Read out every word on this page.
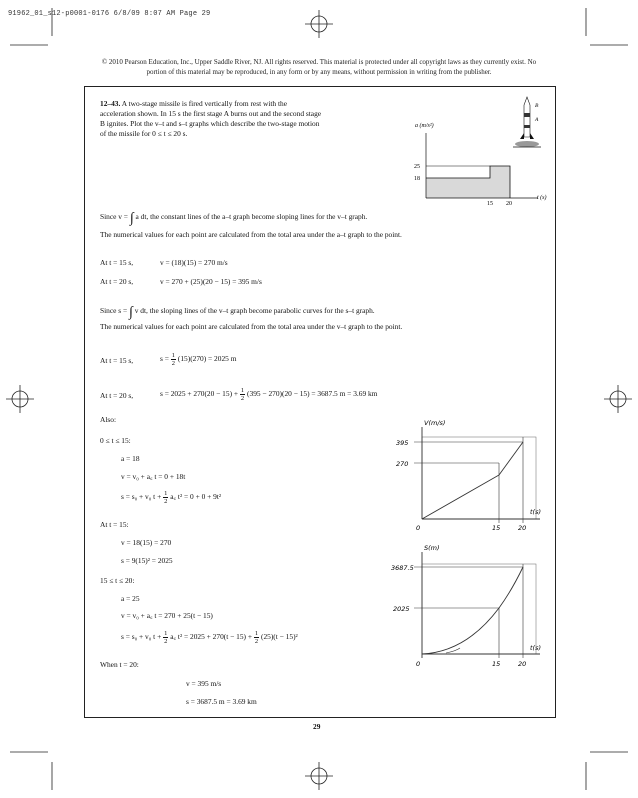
91962_01_s12-p0001-0176 6/8/09 8:07 AM Page 29
© 2010 Pearson Education, Inc., Upper Saddle River, NJ. All rights reserved. This material is protected under all copyright laws as they currently exist. No portion of this material may be reproduced, in any form or by any means, without permission in writing from the publisher.
12–43. A two-stage missile is fired vertically from rest with the acceleration shown. In 15 s the first stage A burns out and the second stage B ignites. Plot the v–t and s–t graphs which describe the two-stage motion of the missile for 0 ≤ t ≤ 20 s.
25
18
15 20
a (m/s²)
t (s)
B
A
Since v = ∫ a dt, the constant lines of the a–t graph become sloping lines for the v–t graph.
The numerical values for each point are calculated from the total area under the a–t graph to the point.
At t = 15 s,	v = (18)(15) = 270 m/s
At t = 20 s,	v = 270 + (25)(20 − 15) = 395 m/s
Since s = ∫ v dt, the sloping lines of the v–t graph become parabolic curves for the s–t graph.
The numerical values for each point are calculated from the total area under the v–t graph to the point.
At t = 15 s,	$s = \frac{1}{2} (15)(270) = 2025$ m
At t = 20 s,	$s = 2025 + 270(20 - 15) + \frac{1}{2} (395 - 270)(20 - 15) = 3687.5$ m = 3.69 km
Also:
0 ≤ t ≤ 15:
a = 18
v = v₀ + a꜀ t = 0 + 18t
s = s₀ + v₀ $t + \frac{1}{2}$ a꜀ t² = 0 + 0 + 9t²
At t = 15:
v = 18(15) = 270
s = 9(15)² = 2025
15 ≤ t ≤ 20:
a = 25
v = v₀ + a꜀ t = 270 + 25(t − 15)
s = s₀ + v₀ $t + \frac{1}{2}$ a꜀ $t^2 = 2025 + 270(t - 15) + \frac{1}{2} (25)(t - 15)^2$
When t = 20:
v = 395 m/s
s = 3687.5 m = 3.69 km
V(m/s)
395
270
0	15	20
t(s)
S(m)
3687.5
2025
0	15	20
t(s)
29
